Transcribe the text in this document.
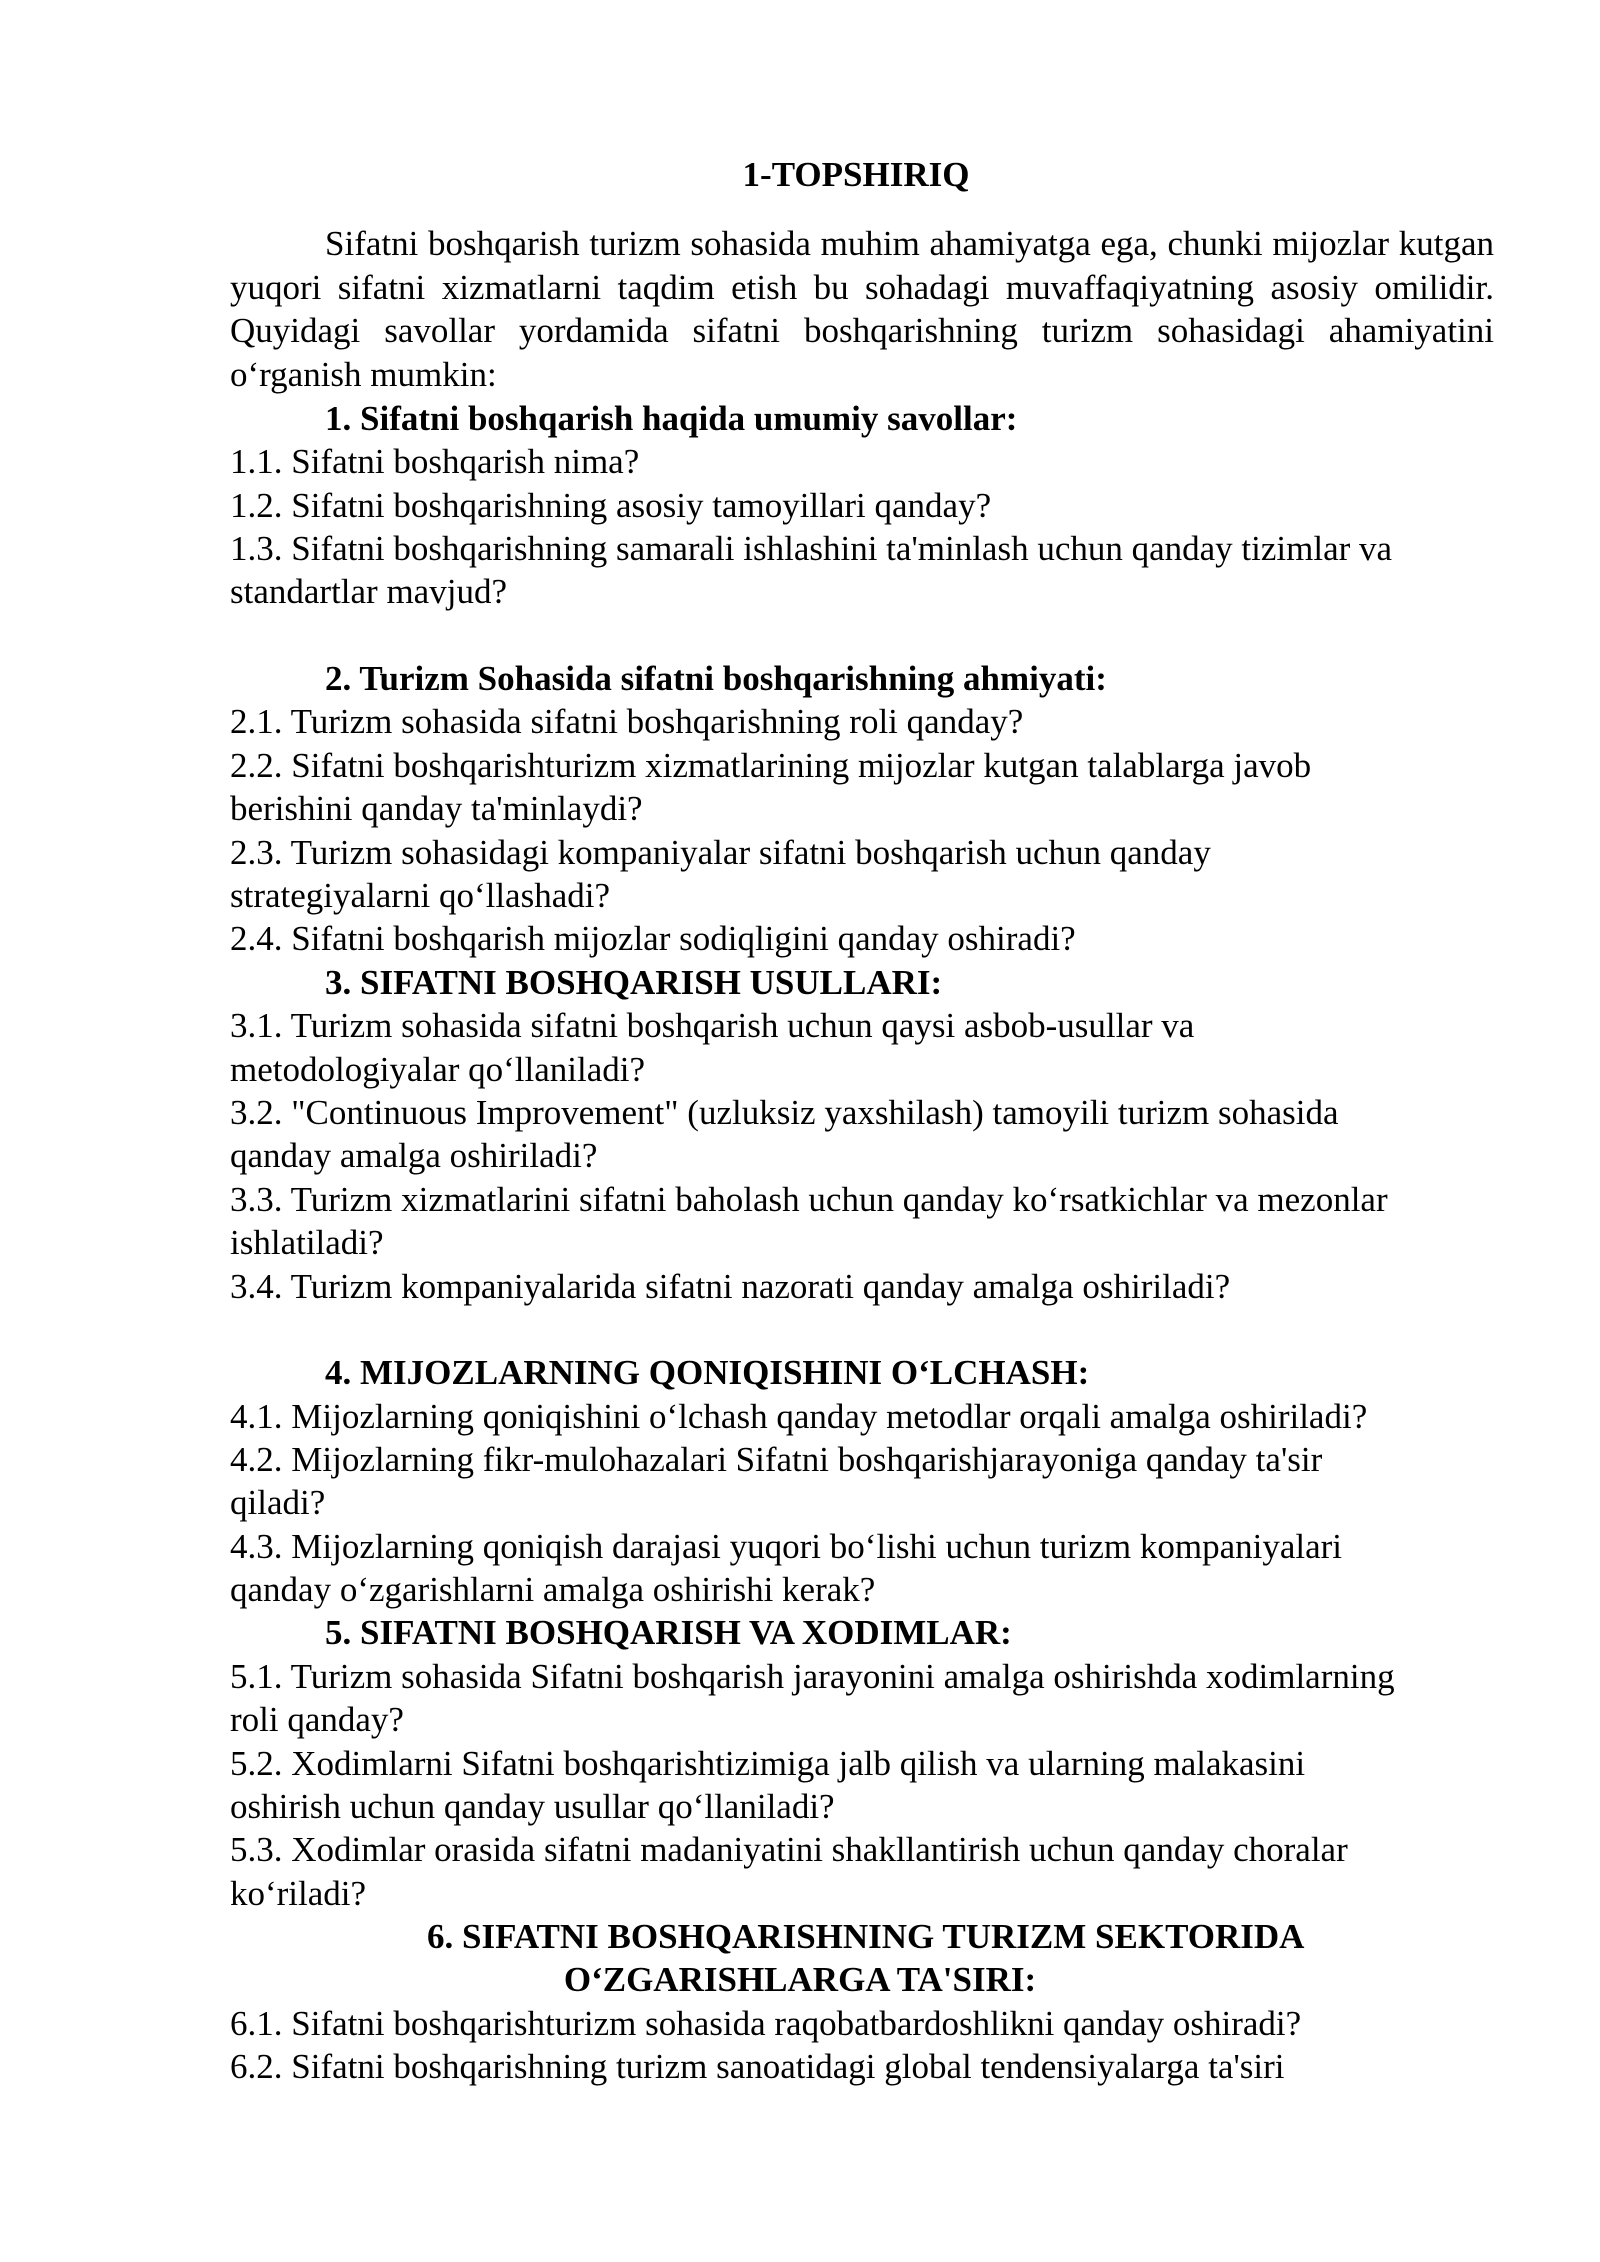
1-TOPSHIRIQ
Sifatni boshqarish turizm sohasida muhim ahamiyatga ega, chunki mijozlar kutgan yuqori sifatni xizmatlarni taqdim etish bu sohadagi muvaffaqiyatning asosiy omilidir. Quyidagi savollar yordamida sifatni boshqarishning turizm sohasidagi ahamiyatini o‘rganish mumkin:
1. Sifatni boshqarish haqida umumiy savollar:
1.1. Sifatni boshqarish nima?
1.2. Sifatni boshqarishning asosiy tamoyillari qanday?
1.3. Sifatni boshqarishning samarali ishlashini ta'minlash uchun qanday tizimlar va
standartlar mavjud?
2. Turizm Sohasida sifatni boshqarishning ahmiyati:
2.1. Turizm sohasida sifatni boshqarishning roli qanday?
2.2. Sifatni boshqarishturizm xizmatlarining mijozlar kutgan talablarga javob
berishini qanday ta'minlaydi?
2.3. Turizm sohasidagi kompaniyalar sifatni boshqarish uchun qanday
strategiyalarni qo‘llashadi?
2.4. Sifatni boshqarish mijozlar sodiqligini qanday oshiradi?
3. SIFATNI BOSHQARISH USULLARI:
3.1. Turizm sohasida sifatni boshqarish uchun qaysi asbob-usullar va
metodologiyalar qo‘llaniladi?
3.2. "Continuous Improvement" (uzluksiz yaxshilash) tamoyili turizm sohasida
qanday amalga oshiriladi?
3.3. Turizm xizmatlarini sifatni baholash uchun qanday ko‘rsatkichlar va mezonlar
ishlatiladi?
3.4. Turizm kompaniyalarida sifatni nazorati qanday amalga oshiriladi?
4. MIJOZLARNING QONIQISHINI O‘LCHASH:
4.1. Mijozlarning qoniqishini o‘lchash qanday metodlar orqali amalga oshiriladi?
4.2. Mijozlarning fikr-mulohazalari Sifatni boshqarishjarayoniga qanday ta'sir
qiladi?
4.3. Mijozlarning qoniqish darajasi yuqori bo‘lishi uchun turizm kompaniyalari
qanday o‘zgarishlarni amalga oshirishi kerak?
5. SIFATNI BOSHQARISH VA XODIMLAR:
5.1. Turizm sohasida Sifatni boshqarish jarayonini amalga oshirishda xodimlarning
roli qanday?
5.2. Xodimlarni Sifatni boshqarishtizimiga jalb qilish va ularning malakasini
oshirish uchun qanday usullar qo‘llaniladi?
5.3. Xodimlar orasida sifatni madaniyatini shakllantirish uchun qanday choralar
ko‘riladi?
6. SIFATNI BOSHQARISHNING TURIZM SEKTORIDA
O‘ZGARISHLARGA TA'SIRI:
6.1. Sifatni boshqarishturizm sohasida raqobatbardoshlikni qanday oshiradi?
6.2. Sifatni boshqarishning turizm sanoatidagi global tendensiyalarga ta'siri
